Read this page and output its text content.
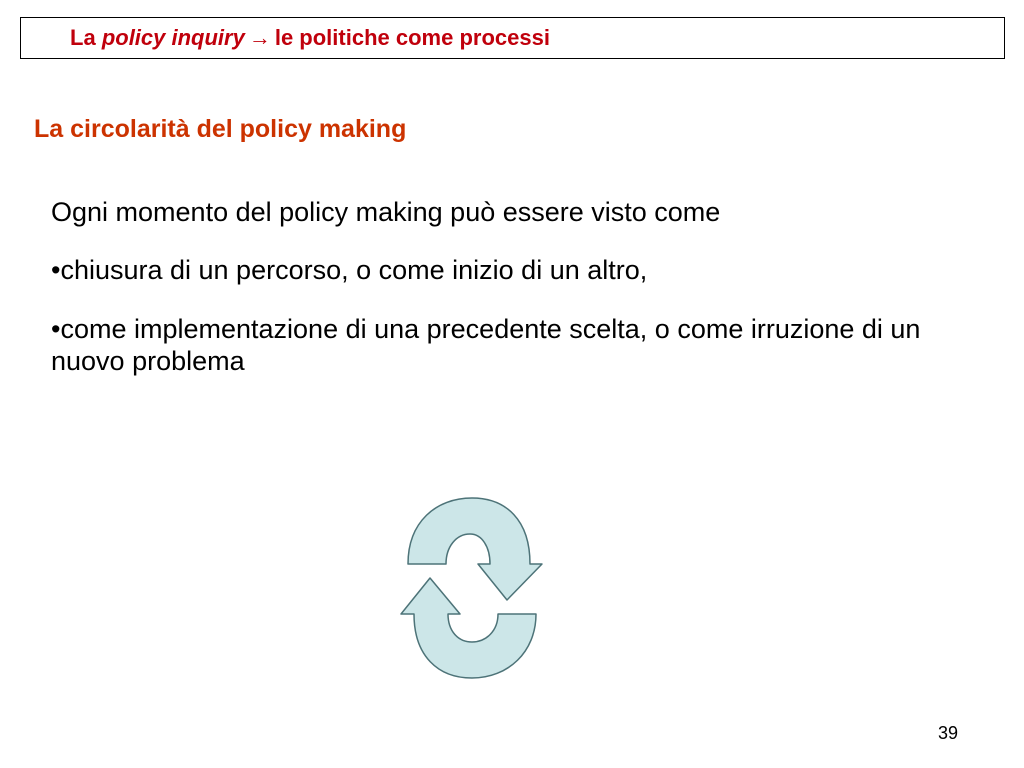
La policy inquiry → le politiche come processi
La circolarità del policy making
Ogni momento del policy making può essere visto come
•chiusura di un percorso, o come inizio di un altro,
•come implementazione di una precedente scelta, o come irruzione di un nuovo problema
39
